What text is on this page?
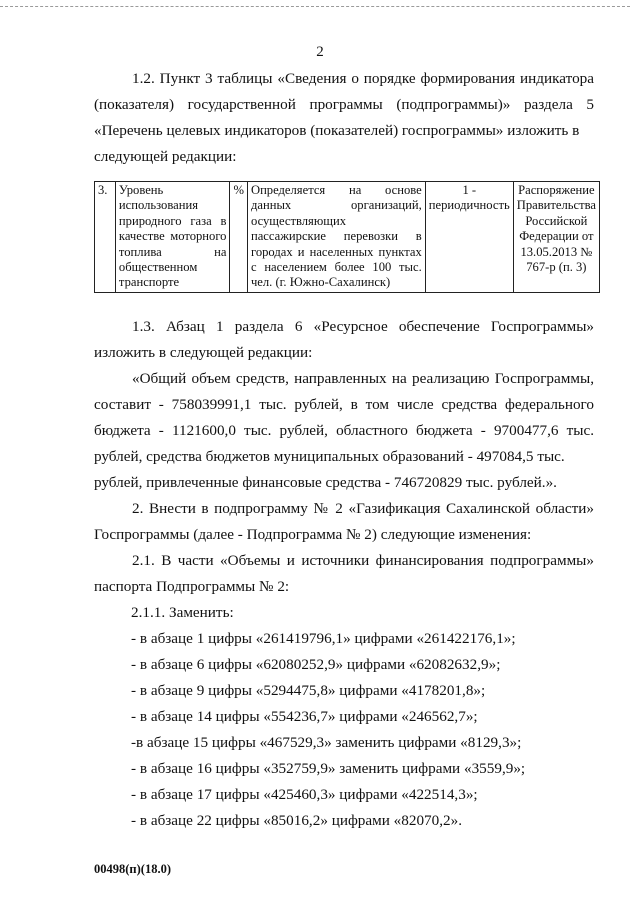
2

1.2. Пункт 3 таблицы «Сведения о порядке формирования индикатора (показателя) государственной программы (подпрограммы)» раздела 5 «Перечень целевых индикаторов (показателей) госпрограммы» изложить в

следующей редакции:

3.	Уровень использования природного газа в качестве моторного топлива на общественном транспорте	%	Определяется на основе данных организаций, осуществляющих пассажирские перевозки в городах и населенных пунктах с населением более 100 тыс. чел. (г. Южно-Сахалинск)	1 - периодичность	Распоряжение Правительства Российской Федерации от 13.05.2013 № 767-р (п. 3)

1.3. Абзац 1 раздела 6 «Ресурсное обеспечение Госпрограммы»

изложить в следующей редакции:

«Общий объем средств, направленных на реализацию Госпрограммы, составит - 758039991,1 тыс. рублей, в том числе средства федерального бюджета - 1121600,0 тыс. рублей, областного бюджета - 9700477,6 тыс. рублей, средства бюджетов муниципальных образований - 497084,5 тыс.

рублей, привлеченные финансовые средства - 746720829 тыс. рублей.».

2. Внести в подпрограмму № 2 «Газификация Сахалинской области» Госпрограммы (далее - Подпрограмма № 2) следующие изменения:

2.1. В части «Объемы и источники финансирования подпрограммы»

паспорта Подпрограммы № 2:

2.1.1. Заменить:

- в абзаце 1 цифры «261419796,1» цифрами «261422176,1»;

- в абзаце 6 цифры «62080252,9» цифрами «62082632,9»;

- в абзаце 9 цифры «5294475,8» цифрами «4178201,8»;

- в абзаце 14 цифры «554236,7» цифрами «246562,7»;

-в абзаце 15 цифры «467529,3» заменить цифрами «8129,3»;

- в абзаце 16 цифры «352759,9» заменить цифрами «3559,9»;

- в абзаце 17 цифры «425460,3» цифрами «422514,3»;

- в абзаце 22 цифры «85016,2» цифрами «82070,2».

00498(п)(18.0)
